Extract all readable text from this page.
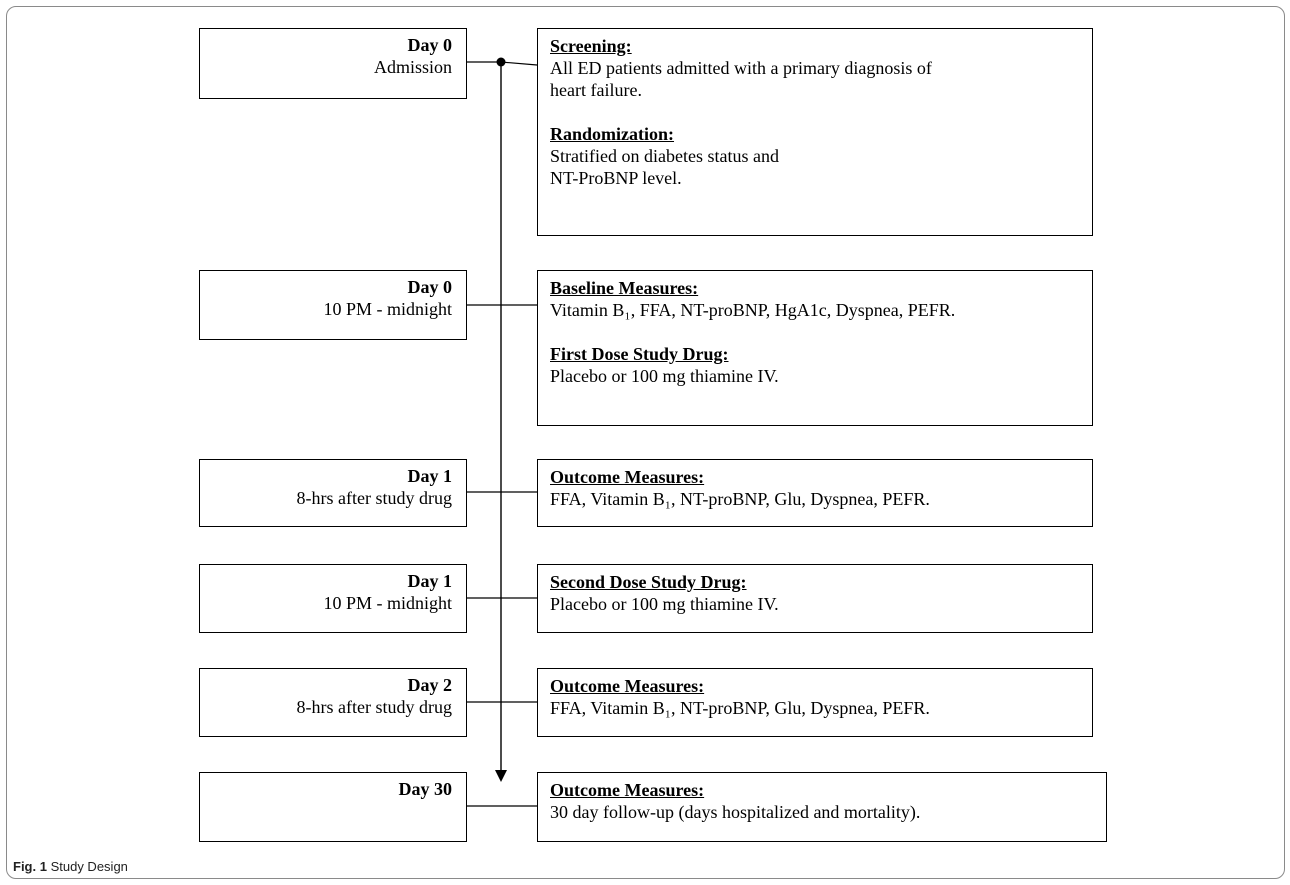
Day 0
Admission
Day 0
10 PM - midnight
Day 1
8-hrs after study drug
Day 1
10 PM - midnight
Day 2
8-hrs after study drug
Day 30
Screening:
All ED patients admitted with a primary diagnosis of
heart failure.
Randomization:
Stratified on diabetes status and
NT-ProBNP level.
Baseline Measures:
Vitamin B₁, FFA, NT-proBNP, HgA1c, Dyspnea, PEFR.
First Dose Study Drug:
Placebo or 100 mg thiamine IV.
Outcome Measures:
FFA, Vitamin B₁, NT-proBNP, Glu, Dyspnea, PEFR.
Second Dose Study Drug:
Placebo or 100 mg thiamine IV.
Outcome Measures:
FFA, Vitamin B₁, NT-proBNP, Glu, Dyspnea, PEFR.
Outcome Measures:
30 day follow-up (days hospitalized and mortality).
Fig. 1 Study Design
